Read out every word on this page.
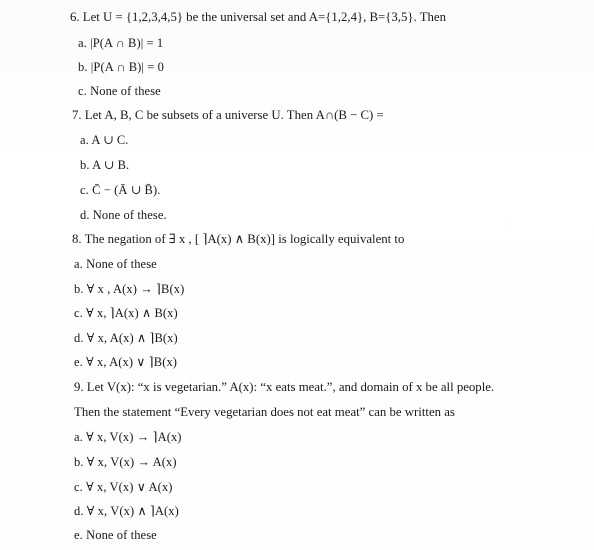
6. Let U = {1,2,3,4,5} be the universal set and A={1,2,4}, B={3,5}. Then
a. |P(A ∩ B)| = 1
b. |P(A ∩ B)| = 0
c. None of these
7. Let A, B, C be subsets of a universe U. Then A∩(B − C) =
a. A ∪ C.
b. A ∪ B.
c. C̄ − (Ā ∪ B̄).
d. None of these.
8. The negation of ∃ x , [ ⌉A(x) ∧ B(x)] is logically equivalent to
a. None of these
b. ∀ x , A(x) → ⌉B(x)
c. ∀ x, ⌉A(x) ∧ B(x)
d. ∀ x, A(x) ∧ ⌉B(x)
e. ∀ x, A(x) ∨ ⌉B(x)
9. Let V(x): “x is vegetarian.” A(x): “x eats meat.”, and domain of x be all people.
Then the statement “Every vegetarian does not eat meat” can be written as
a. ∀ x, V(x) → ⌉A(x)
b. ∀ x, V(x) → A(x)
c. ∀ x, V(x) ∨ A(x)
d. ∀ x, V(x) ∧ ⌉A(x)
e. None of these
